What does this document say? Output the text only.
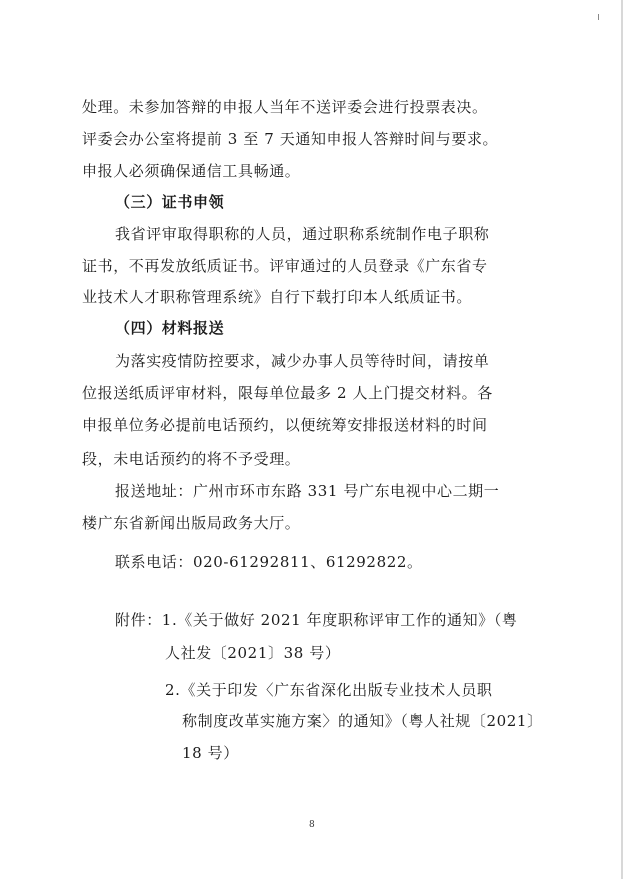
处理。未参加答辩的申报人当年不送评委会进行投票表决。
评委会办公室将提前 3 至 7 天通知申报人答辩时间与要求。
申报人必须确保通信工具畅通。
（三）证书申领
我省评审取得职称的人员，通过职称系统制作电子职称
证书，不再发放纸质证书。评审通过的人员登录《广东省专
业技术人才职称管理系统》自行下载打印本人纸质证书。
（四）材料报送
为落实疫情防控要求，减少办事人员等待时间，请按单
位报送纸质评审材料，限每单位最多 2 人上门提交材料。各
申报单位务必提前电话预约，以便统筹安排报送材料的时间
段，未电话预约的将不予受理。
报送地址：广州市环市东路 331 号广东电视中心二期一
楼广东省新闻出版局政务大厅。
联系电话：020-61292811、61292822。
附件：1.《关于做好 2021 年度职称评审工作的通知》（粤
人社发〔2021〕38 号）
2.《关于印发〈广东省深化出版专业技术人员职
称制度改革实施方案〉的通知》（粤人社规〔2021〕
18 号）
8
